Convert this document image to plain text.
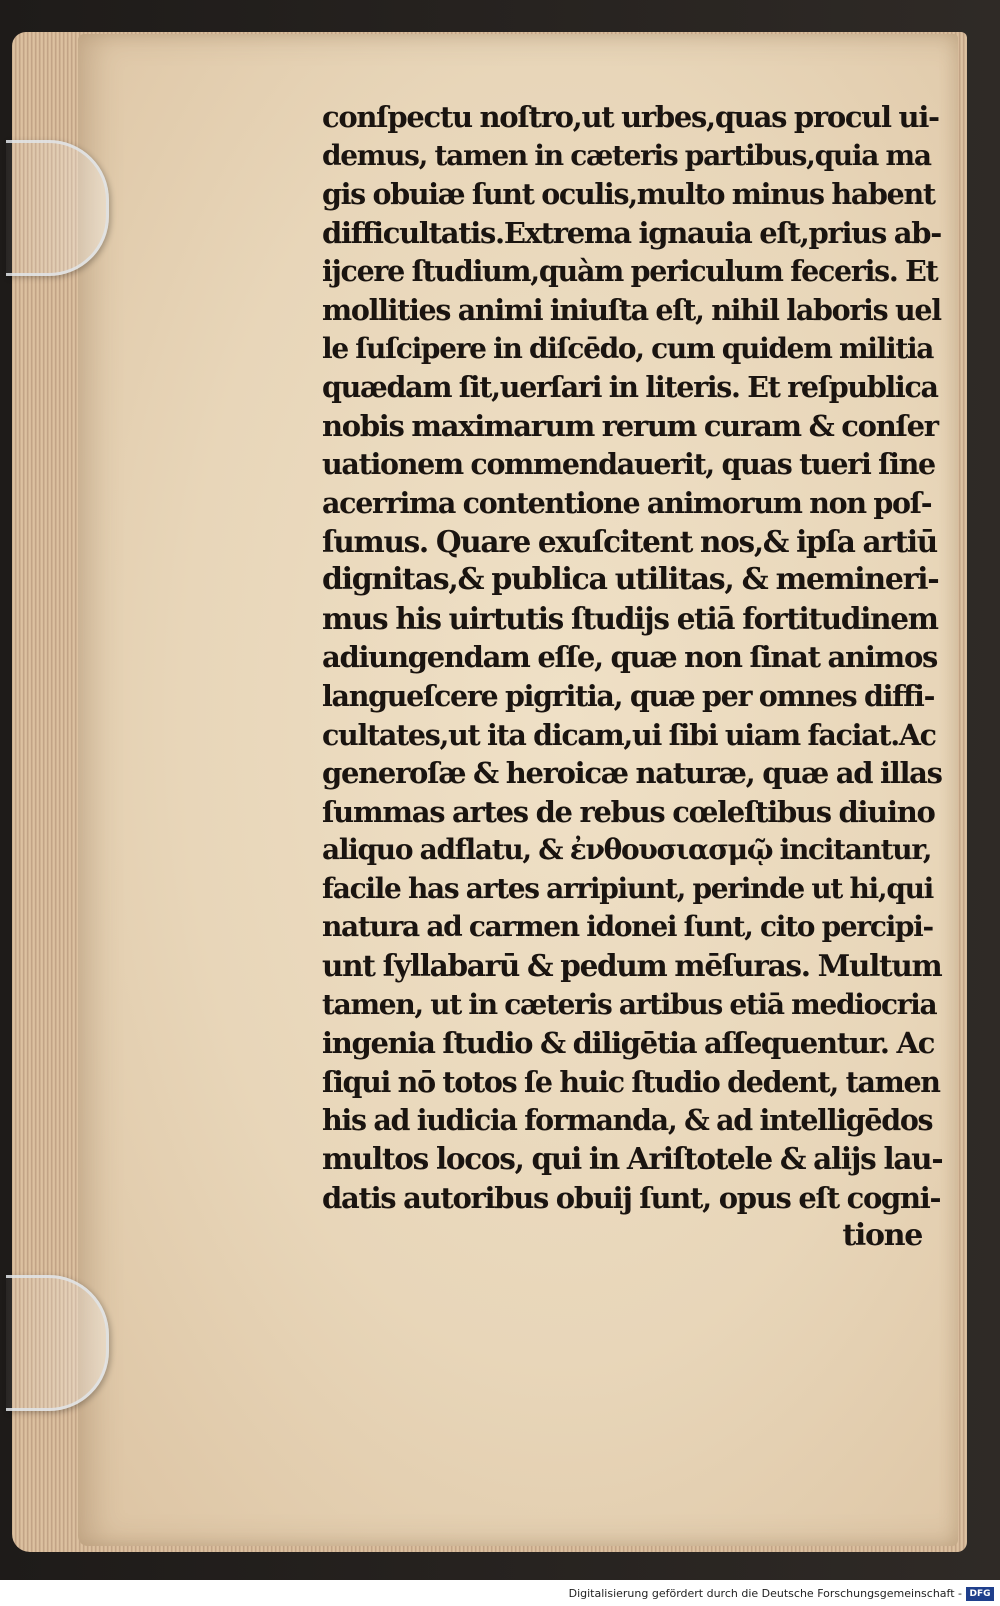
conſpectu noſtro,ut urbes,quas procul ui-
demus, tamen in cæteris partibus,quia ma
gis obuiæ ſunt oculis,multo minus habent
difficultatis.Extrema ignauia eſt,prius ab-
ijcere ſtudium,quàm periculum feceris. Et
mollities animi iniuſta eſt, nihil laboris uel
le ſuſcipere in diſcēdo, cum quidem militia
quædam ſit,uerſari in literis. Et reſpublica
nobis maximarum rerum curam & conſer
uationem commendauerit, quas tueri ſine
acerrima contentione animorum non poſ-
ſumus. Quare exuſcitent nos,& ipſa artiū
dignitas,& publica utilitas, & memineri-
mus his uirtutis ſtudijs etiā fortitudinem
adiungendam eſſe, quæ non ſinat animos
langueſcere pigritia, quæ per omnes diffi-
cultates,ut ita dicam,ui ſibi uiam faciat.Ac
generoſæ & heroicæ naturæ, quæ ad illas
ſummas artes de rebus cœleſtibus diuino
aliquo adflatu, & ἐνθουσιασμῷ incitantur,
facile has artes arripiunt, perinde ut hi,qui
natura ad carmen idonei ſunt, cito percipi-
unt ſyllabarū & pedum mēſuras. Multum
tamen, ut in cæteris artibus etiā mediocria
ingenia ſtudio & diligētia aſſequentur. Ac
ſiqui nō totos ſe huic ſtudio dedent, tamen
his ad iudicia formanda, & ad intelligēdos
multos locos, qui in Ariſtotele & alijs lau-
datis autoribus obuij ſunt, opus eſt cogni-
tione
Digitalisierung gefördert durch die Deutsche Forschungsgemeinschaft - DFG
